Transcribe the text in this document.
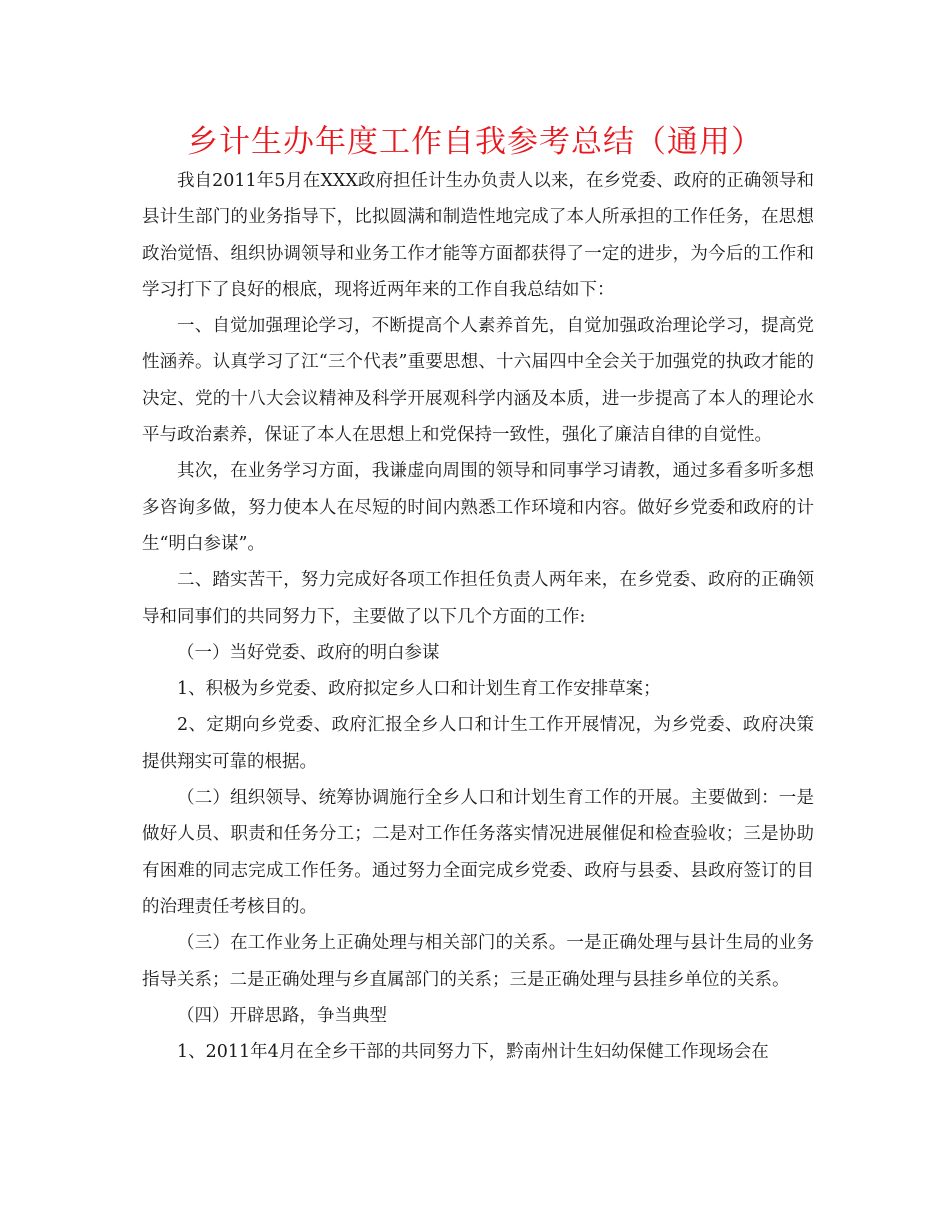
乡计生办年度工作自我参考总结（通用）

我自2011年5月在XXX政府担任计生办负责人以来，在乡党委、政府的正确领导和县计生部门的业务指导下，比拟圆满和制造性地完成了本人所承担的工作任务，在思想政治觉悟、组织协调领导和业务工作才能等方面都获得了一定的进步，为今后的工作和学习打下了良好的根底，现将近两年来的工作自我总结如下：

一、自觉加强理论学习，不断提高个人素养首先，自觉加强政治理论学习，提高党性涵养。认真学习了江“三个代表”重要思想、十六届四中全会关于加强党的执政才能的决定、党的十八大会议精神及科学开展观科学内涵及本质，进一步提高了本人的理论水平与政治素养，保证了本人在思想上和党保持一致性，强化了廉洁自律的自觉性。

其次，在业务学习方面，我谦虚向周围的领导和同事学习请教，通过多看多听多想多咨询多做，努力使本人在尽短的时间内熟悉工作环境和内容。做好乡党委和政府的计生“明白参谋”。

二、踏实苦干，努力完成好各项工作担任负责人两年来，在乡党委、政府的正确领导和同事们的共同努力下，主要做了以下几个方面的工作:

（一）当好党委、政府的明白参谋

1、积极为乡党委、政府拟定乡人口和计划生育工作安排草案；

2、定期向乡党委、政府汇报全乡人口和计生工作开展情况，为乡党委、政府决策提供翔实可靠的根据。

（二）组织领导、统筹协调施行全乡人口和计划生育工作的开展。主要做到：一是做好人员、职责和任务分工；二是对工作任务落实情况进展催促和检查验收；三是协助有困难的同志完成工作任务。通过努力全面完成乡党委、政府与县委、县政府签订的目的治理责任考核目的。

（三）在工作业务上正确处理与相关部门的关系。一是正确处理与县计生局的业务指导关系；二是正确处理与乡直属部门的关系；三是正确处理与县挂乡单位的关系。

（四）开辟思路，争当典型

1、2011年4月在全乡干部的共同努力下，黔南州计生妇幼保健工作现场会在
